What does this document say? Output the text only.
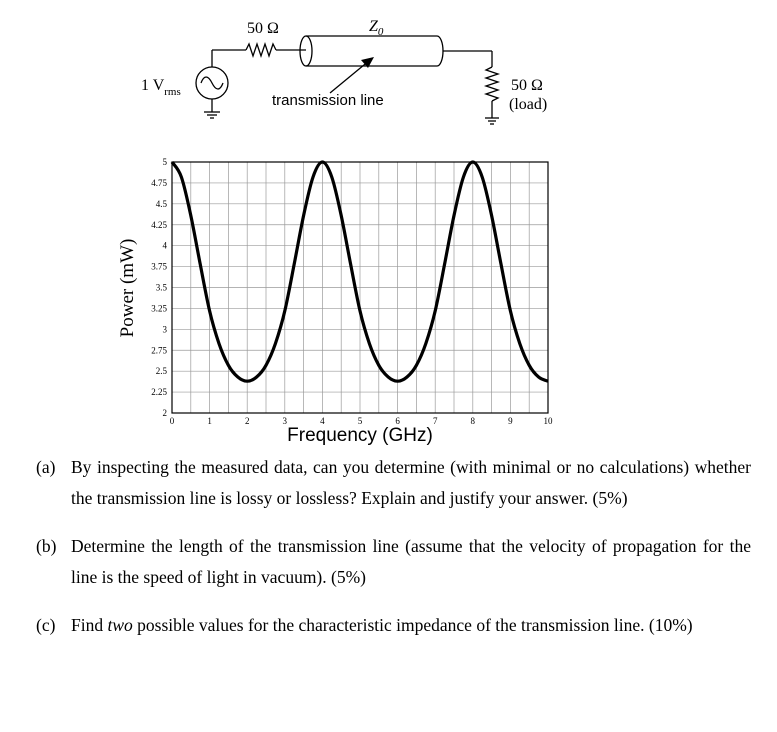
50 Ω	$Z_0$
1 $V_{rms}$	transmission line
50 Ω
(load)
0	1	2	3	4	5	6	7	8	9	10
2
2.25
2.5
2.75
3
3.25
3.5
3.75
4
4.25
4.5
4.75
5
Frequency (GHz)
Power (mW)
(a) By inspecting the measured data, can you determine (with minimal or no calculations) whether the transmission line is lossy or lossless? Explain and justify your answer. (5%)
(b) Determine the length of the transmission line (assume that the velocity of propagation for the line is the speed of light in vacuum). (5%)
(c) Find two possible values for the characteristic impedance of the transmission line. (10%)
